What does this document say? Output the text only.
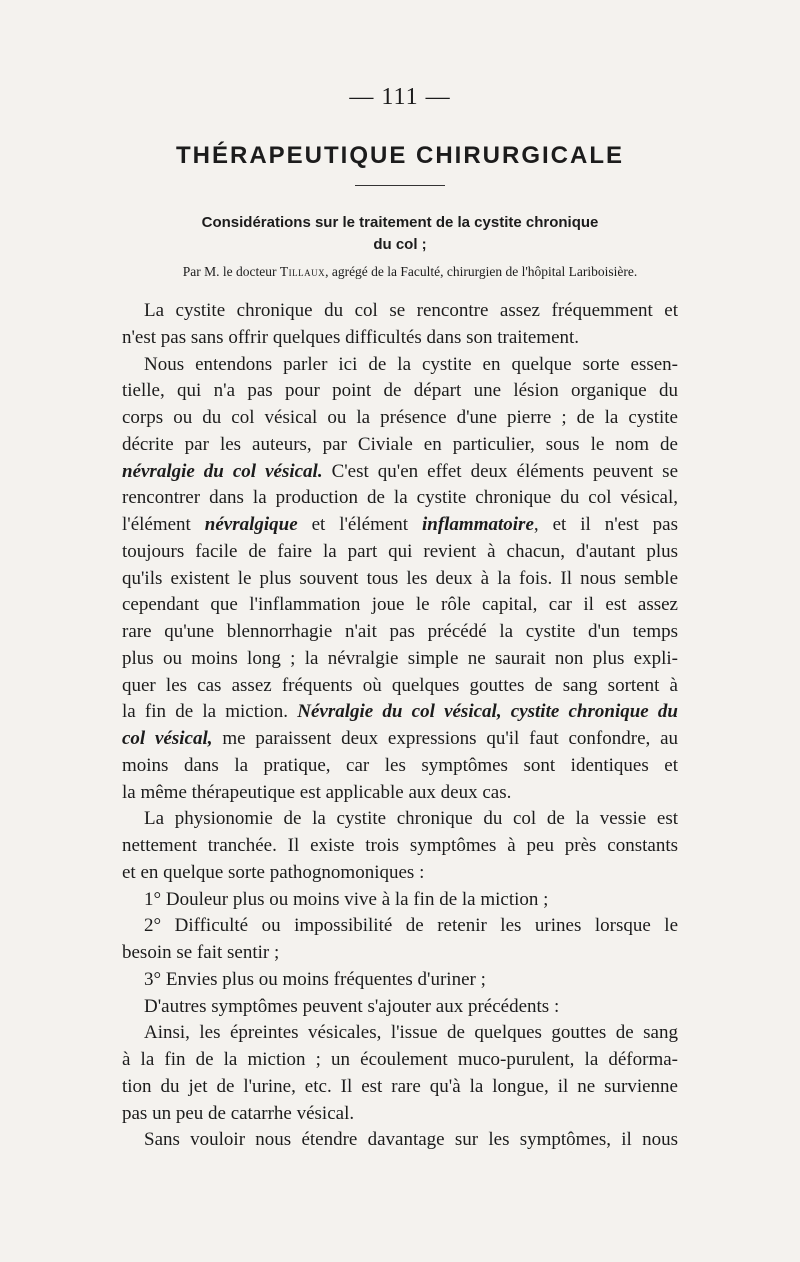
— 111 —
THÉRAPEUTIQUE CHIRURGICALE
Considérations sur le traitement de la cystite chronique
du col ;
Par M. le docteur Tillaux, agrégé de la Faculté, chirurgien de l'hôpital Lariboisière.
La cystite chronique du col se rencontre assez fréquemment et
n'est pas sans offrir quelques difficultés dans son traitement.
Nous entendons parler ici de la cystite en quelque sorte essen-
tielle, qui n'a pas pour point de départ une lésion organique du
corps ou du col vésical ou la présence d'une pierre ; de la cystite
décrite par les auteurs, par Civiale en particulier, sous le nom de
névralgie du col vésical. C'est qu'en effet deux éléments peuvent se
rencontrer dans la production de la cystite chronique du col vésical,
l'élément névralgique et l'élément inflammatoire, et il n'est pas
toujours facile de faire la part qui revient à chacun, d'autant plus
qu'ils existent le plus souvent tous les deux à la fois. Il nous semble
cependant que l'inflammation joue le rôle capital, car il est assez
rare qu'une blennorrhagie n'ait pas précédé la cystite d'un temps
plus ou moins long ; la névralgie simple ne saurait non plus expli-
quer les cas assez fréquents où quelques gouttes de sang sortent à
la fin de la miction. Névralgie du col vésical, cystite chronique du
col vésical, me paraissent deux expressions qu'il faut confondre, au
moins dans la pratique, car les symptômes sont identiques et
la même thérapeutique est applicable aux deux cas.
La physionomie de la cystite chronique du col de la vessie est
nettement tranchée. Il existe trois symptômes à peu près constants
et en quelque sorte pathognomoniques :
1° Douleur plus ou moins vive à la fin de la miction ;
2° Difficulté ou impossibilité de retenir les urines lorsque le
besoin se fait sentir ;
3° Envies plus ou moins fréquentes d'uriner ;
D'autres symptômes peuvent s'ajouter aux précédents :
Ainsi, les épreintes vésicales, l'issue de quelques gouttes de sang
à la fin de la miction ; un écoulement muco-purulent, la déforma-
tion du jet de l'urine, etc. Il est rare qu'à la longue, il ne survienne
pas un peu de catarrhe vésical.
Sans vouloir nous étendre davantage sur les symptômes, il nous
